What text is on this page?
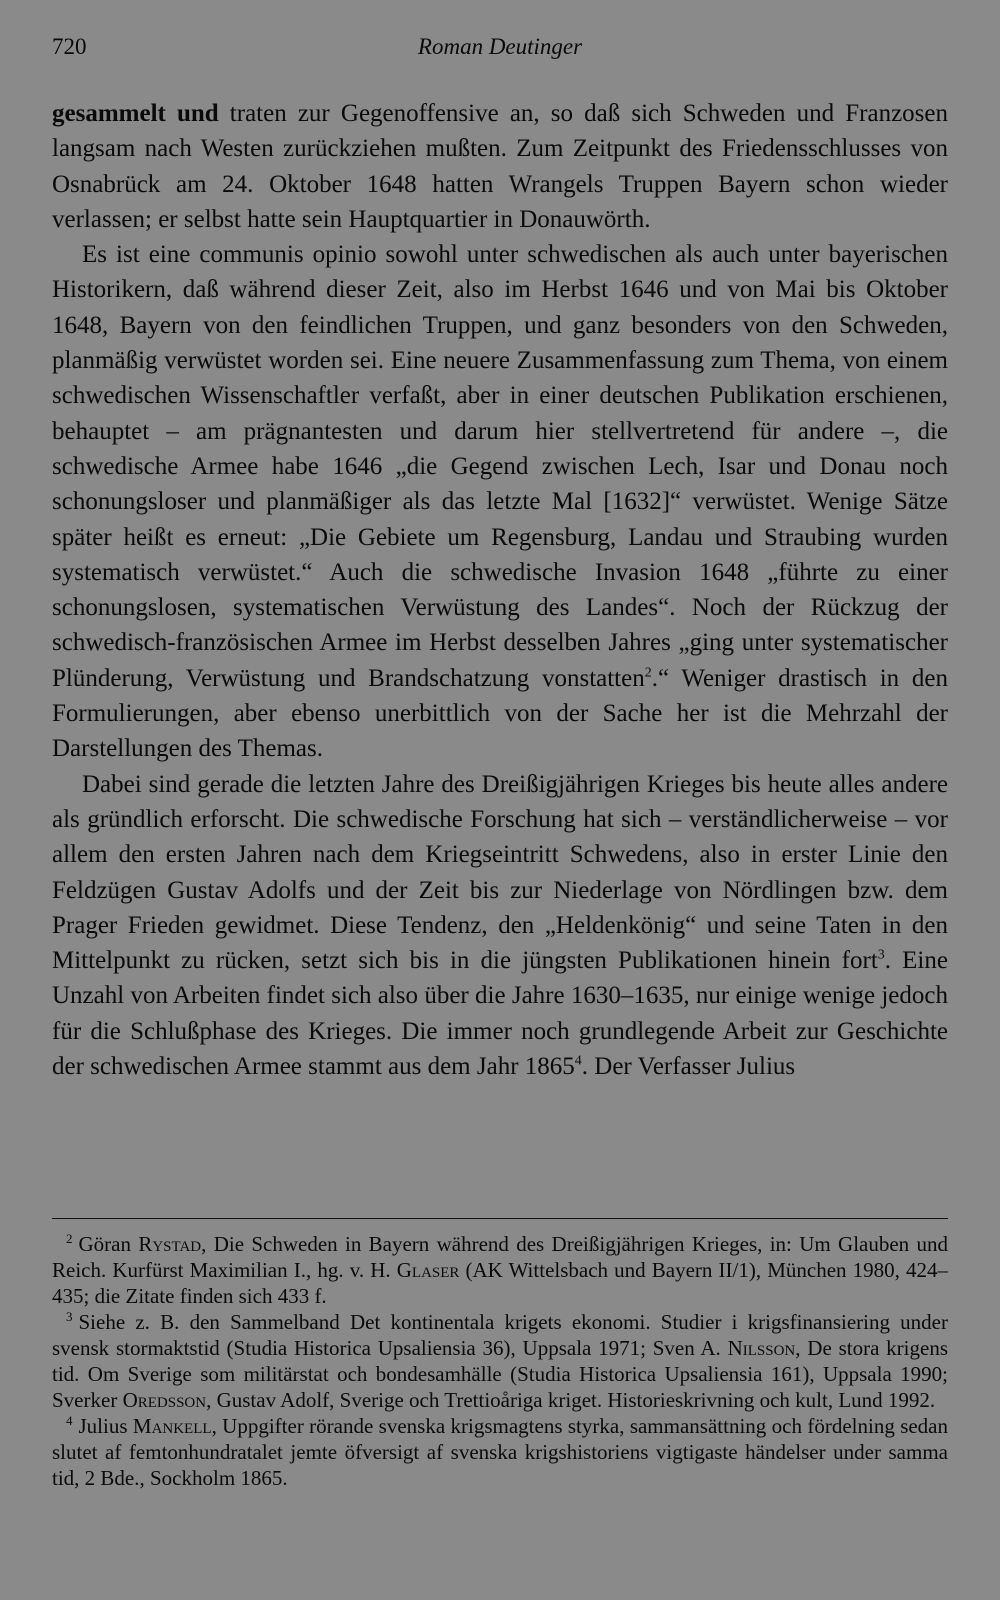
720	Roman Deutinger

gesammelt und traten zur Gegenoffensive an, so daß sich Schweden und Franzosen langsam nach Westen zurückziehen mußten. Zum Zeitpunkt des Friedensschlusses von Osnabrück am 24. Oktober 1648 hatten Wrangels Truppen Bayern schon wieder verlassen; er selbst hatte sein Hauptquartier in Donauwörth.

Es ist eine communis opinio sowohl unter schwedischen als auch unter bayerischen Historikern, daß während dieser Zeit, also im Herbst 1646 und von Mai bis Oktober 1648, Bayern von den feindlichen Truppen, und ganz besonders von den Schweden, planmäßig verwüstet worden sei. Eine neuere Zusammenfassung zum Thema, von einem schwedischen Wissenschaftler verfaßt, aber in einer deutschen Publikation erschienen, behauptet – am prägnantesten und darum hier stellvertretend für andere –, die schwedische Armee habe 1646 „die Gegend zwischen Lech, Isar und Donau noch schonungsloser und planmäßiger als das letzte Mal [1632]“ verwüstet. Wenige Sätze später heißt es erneut: „Die Gebiete um Regensburg, Landau und Straubing wurden systematisch verwüstet.“ Auch die schwedische Invasion 1648 „führte zu einer schonungslosen, systematischen Verwüstung des Landes“. Noch der Rückzug der schwedisch-französischen Armee im Herbst desselben Jahres „ging unter systematischer Plünderung, Verwüstung und Brandschatzung vonstatten$^2$.“ Weniger drastisch in den Formulierungen, aber ebenso unerbittlich von der Sache her ist die Mehrzahl der Darstellungen des Themas.

Dabei sind gerade die letzten Jahre des Dreißigjährigen Krieges bis heute alles andere als gründlich erforscht. Die schwedische Forschung hat sich – verständlicherweise – vor allem den ersten Jahren nach dem Kriegseintritt Schwedens, also in erster Linie den Feldzügen Gustav Adolfs und der Zeit bis zur Niederlage von Nördlingen bzw. dem Prager Frieden gewidmet. Diese Tendenz, den „Heldenkönig“ und seine Taten in den Mittelpunkt zu rücken, setzt sich bis in die jüngsten Publikationen hinein fort$^3$. Eine Unzahl von Arbeiten findet sich also über die Jahre 1630–1635, nur einige wenige jedoch für die Schlußphase des Krieges. Die immer noch grundlegende Arbeit zur Geschichte der schwedischen Armee stammt aus dem Jahr 1865$^4$. Der Verfasser Julius

$^2$ Göran Rystad, Die Schweden in Bayern während des Dreißigjährigen Krieges, in: Um Glauben und Reich. Kurfürst Maximilian I., hg. v. H. Glaser (AK Wittelsbach und Bayern II/1), München 1980, 424–435; die Zitate finden sich 433 f.

$^3$ Siehe z. B. den Sammelband Det kontinentala krigets ekonomi. Studier i krigsfinansiering under svensk stormaktstid (Studia Historica Upsaliensia 36), Uppsala 1971; Sven A. Nilsson, De stora krigens tid. Om Sverige som militärstat och bondesamhälle (Studia Historica Upsaliensia 161), Uppsala 1990; Sverker Oredsson, Gustav Adolf, Sverige och Trettioåriga kriget. Historieskrivning och kult, Lund 1992.

$^4$ Julius Mankell, Uppgifter rörande svenska krigsmagtens styrka, sammansättning och fördelning sedan slutet af femtonhundratalet jemte öfversigt af svenska krigshistoriens vigtigaste händelser under samma tid, 2 Bde., Sockholm 1865.
